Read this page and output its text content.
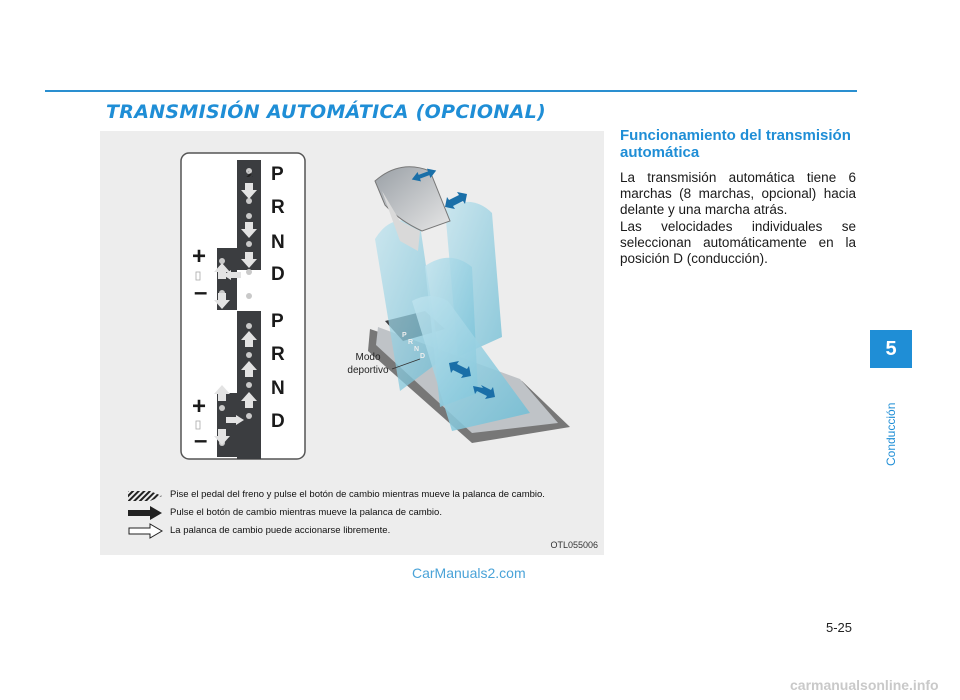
TRANSMISIÓN AUTOMÁTICA (OPCIONAL)
P
R
N
D
P
R
N
D
+
–
+
–
P
R
N
D
Modo deportivo
Pise el pedal del freno y pulse el botón de cambio mientras mueve la palanca de cambio.
Pulse el botón de cambio mientras mueve la palanca de cambio.
La palanca de cambio puede accionarse libremente.
OTL055006
Funcionamiento del transmisión automática
La transmisión automática tiene 6 marchas (8 marchas, opcional) hacia delante y una marcha atrás.
Las velocidades individuales se seleccionan automáticamente en la posición D (conducción).
5
Conducción
5-25
CarManuals2.com
carmanualsonline.info
